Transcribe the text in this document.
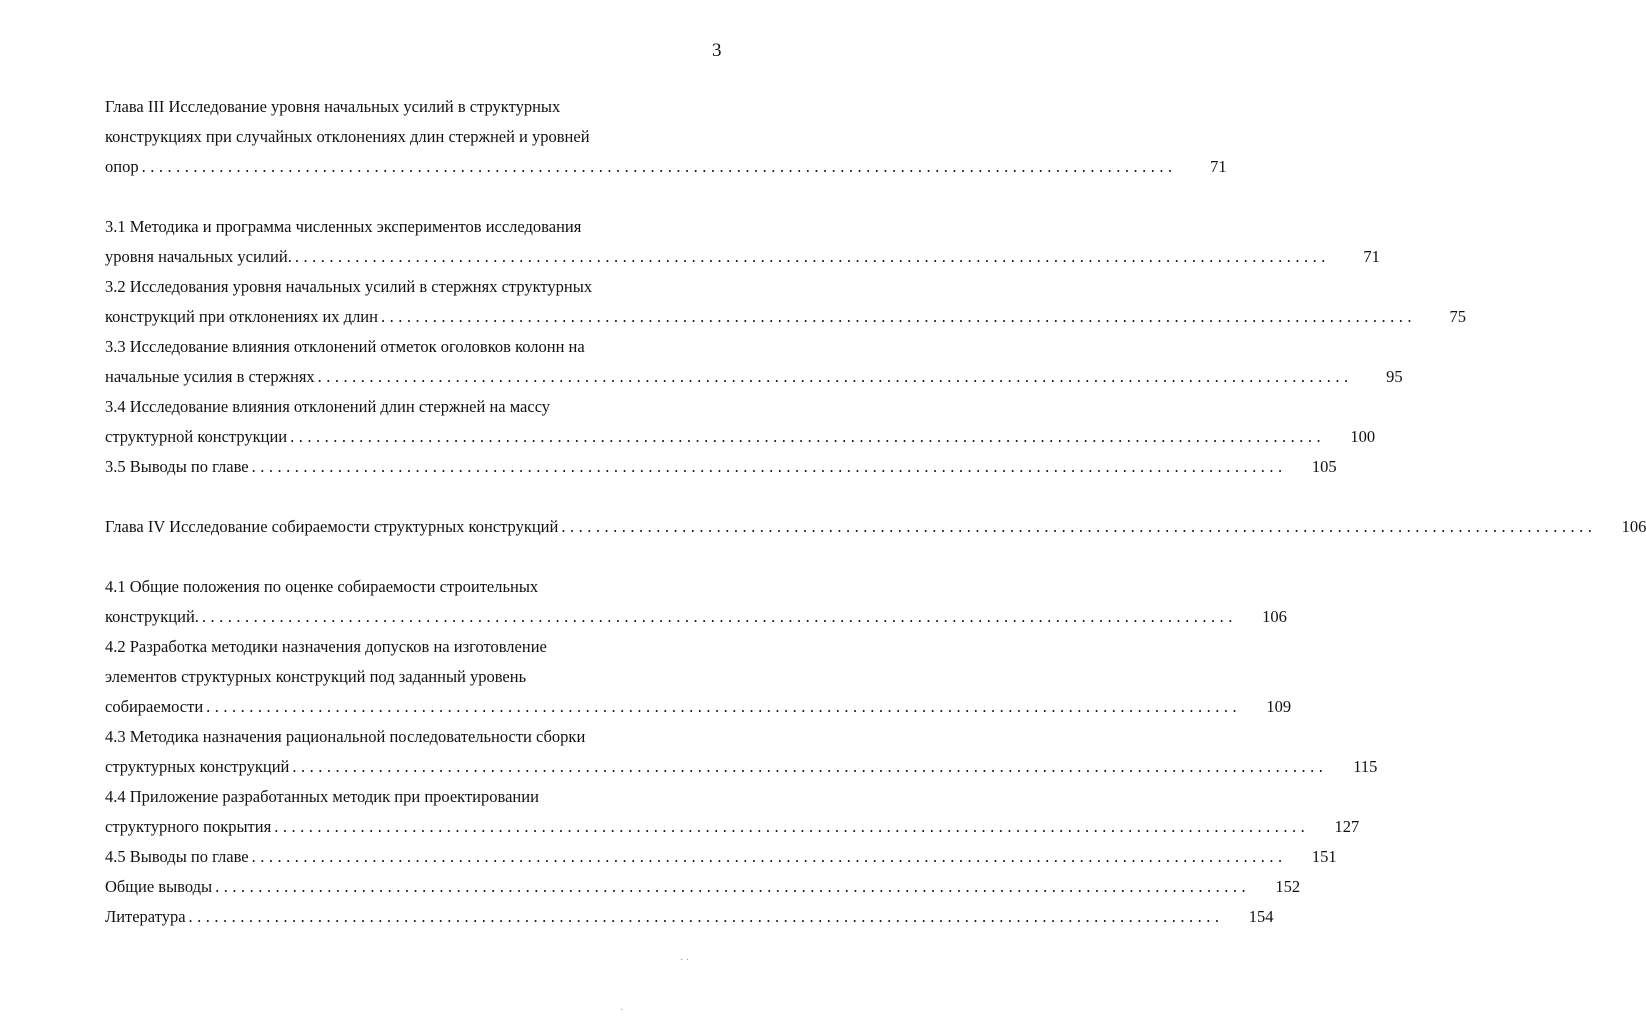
3
Глава III Исследование уровня начальных усилий в структурных
конструкциях при случайных отклонениях длин стержней и уровней
опор ........................................................................................................................	71
3.1 Методика и программа численных экспериментов исследования
уровня начальных усилий. ........................................................................................................................	71
3.2 Исследования уровня начальных усилий в стержнях структурных
конструкций при отклонениях их длин ........................................................................................................................	75
3.3 Исследование влияния отклонений отметок оголовков колонн на
начальные усилия в стержнях ........................................................................................................................	95
3.4 Исследование влияния отклонений длин стержней на массу
структурной конструкции ........................................................................................................................	100
3.5 Выводы по главе ........................................................................................................................	105
Глава IV Исследование собираемости структурных конструкций ........................................................................................................................	106
4.1 Общие положения по оценке собираемости строительных
конструкций. ........................................................................................................................	106
4.2 Разработка методики назначения допусков на изготовление
элементов структурных конструкций под заданный уровень
собираемости ........................................................................................................................	109
4.3 Методика назначения рациональной последовательности сборки
структурных конструкций ........................................................................................................................	115
4.4 Приложение разработанных методик при проектировании
структурного покрытия ........................................................................................................................	127
4.5 Выводы по главе ........................................................................................................................	151
Общие выводы ........................................................................................................................	152
Литература ........................................................................................................................	154
· ·
·
